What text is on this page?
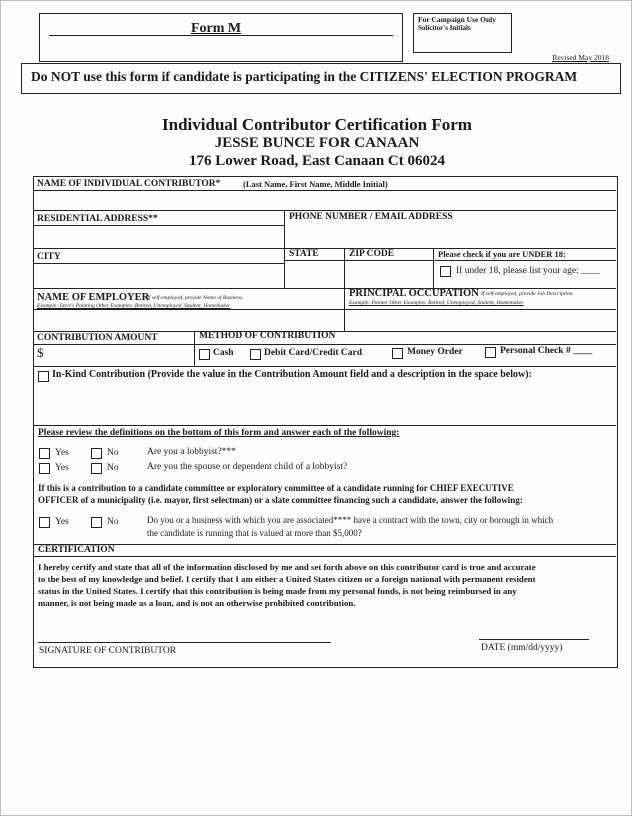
Form M
For Campaign Use Only
Solicitor's Initials
Revised May 2018
Do NOT use this form if candidate is participating in the CITIZENS' ELECTION PROGRAM
Individual Contributor Certification Form
JESSE BUNCE FOR CANAAN
176 Lower Road, East Canaan Ct 06024
NAME OF INDIVIDUAL CONTRIBUTOR*	(Last Name, First Name, Middle Initial)
RESIDENTIAL ADDRESS**	PHONE NUMBER / EMAIL ADDRESS
CITY	STATE	ZIP CODE	Please check if you are UNDER 18:
If under 18, please list your age: ____
NAME OF EMPLOYER
If self-employed, provide Name of Business.
Example: Dave's Painting Other Examples: Retired, Unemployed, Student, Homemaker
PRINCIPAL OCCUPATION If self-employed, provide Job Description.
Example: Painter Other Examples: Retired, Unemployed, Student, Homemaker
CONTRIBUTION AMOUNT
$
METHOD OF CONTRIBUTION
Cash	Debit Card/Credit Card	Money Order	Personal Check # ____
In-Kind Contribution (Provide the value in the Contribution Amount field and a description in the space below):
Please review the definitions on the bottom of this form and answer each of the following:
Yes	No	Are you a lobbyist?***
Yes	No	Are you the spouse or dependent child of a lobbyist?
If this is a contribution to a candidate committee or exploratory committee of a candidate running for CHIEF EXECUTIVE
OFFICER of a municipality (i.e. mayor, first selectman) or a slate committee financing such a candidate, answer the following:
Yes	No	Do you or a business with which you are associated**** have a contract with the town, city or borough in which
the candidate is running that is valued at more than $5,000?
CERTIFICATION
I hereby certify and state that all of the information disclosed by me and set forth above on this contributor card is true and accurate
to the best of my knowledge and belief. I certify that I am either a United States citizen or a foreign national with permanent resident
status in the United States. I certify that this contribution is being made from my personal funds, is not being reimbursed in any
manner, is not being made as a loan, and is not an otherwise prohibited contribution.
SIGNATURE OF CONTRIBUTOR	DATE (mm/dd/yyyy)
